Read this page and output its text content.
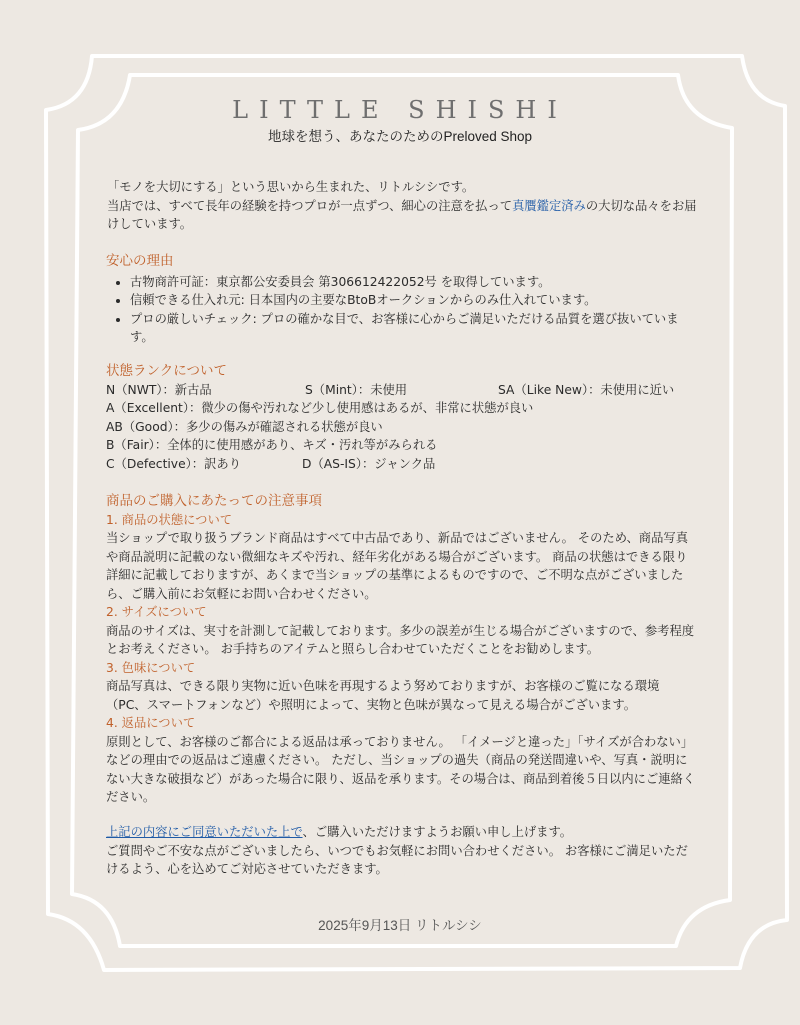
LITTLE SHISHI
地球を想う、あなたのためのPreloved Shop
「モノを大切にする」という思いから生まれた、リトルシシです。
当店では、すべて長年の経験を持つプロが一点ずつ、細心の注意を払って真贋鑑定済みの大切な品々をお届けしています。
安心の理由
• 古物商許可証：東京都公安委員会 第306612422052号 を取得しています。
• 信頼できる仕入れ元: 日本国内の主要なBtoBオークションからのみ仕入れています。
• プロの厳しいチェック: プロの確かな目で、お客様に心からご満足いただける品質を選び抜いています。
状態ランクについて
N（NWT）：新古品	S（Mint）：未使用	SA（Like New）：未使用に近い
A（Excellent）：微少の傷や汚れなど少し使用感はあるが、非常に状態が良い
AB（Good）：多少の傷みが確認される状態が良い
B（Fair）：全体的に使用感があり、キズ・汚れ等がみられる
C（Defective）：訳あり	D（AS-IS）：ジャンク品
商品のご購入にあたっての注意事項
1. 商品の状態について

当ショップで取り扱うブランド商品はすべて中古品であり、新品ではございません。 そのため、商品写真や商品説明に記載のない微細なキズや汚れ、経年劣化がある場合がございます。 商品の状態はできる限り詳細に記載しておりますが、あくまで当ショップの基準によるものですので、ご不明な点がございましたら、ご購入前にお気軽にお問い合わせください。

2. サイズについて

商品のサイズは、実寸を計測して記載しております。多少の誤差が生じる場合がございますので、参考程度とお考えください。 お手持ちのアイテムと照らし合わせていただくことをお勧めします。

3. 色味について

商品写真は、できる限り実物に近い色味を再現するよう努めておりますが、お客様のご覧になる環境（PC、スマートフォンなど）や照明によって、実物と色味が異なって見える場合がございます。

4. 返品について

原則として、お客様のご都合による返品は承っておりません。 「イメージと違った」「サイズが合わない」などの理由での返品はご遠慮ください。 ただし、当ショップの過失（商品の発送間違いや、写真・説明にない大きな破損など）があった場合に限り、返品を承ります。その場合は、商品到着後５日以内にご連絡ください。

上記の内容にご同意いただいた上で、ご購入いただけますようお願い申し上げます。

ご質問やご不安な点がございましたら、いつでもお気軽にお問い合わせください。 お客様にご満足いただけるよう、心を込めてご対応させていただきます。

2025年9月13日 リトルシシ
